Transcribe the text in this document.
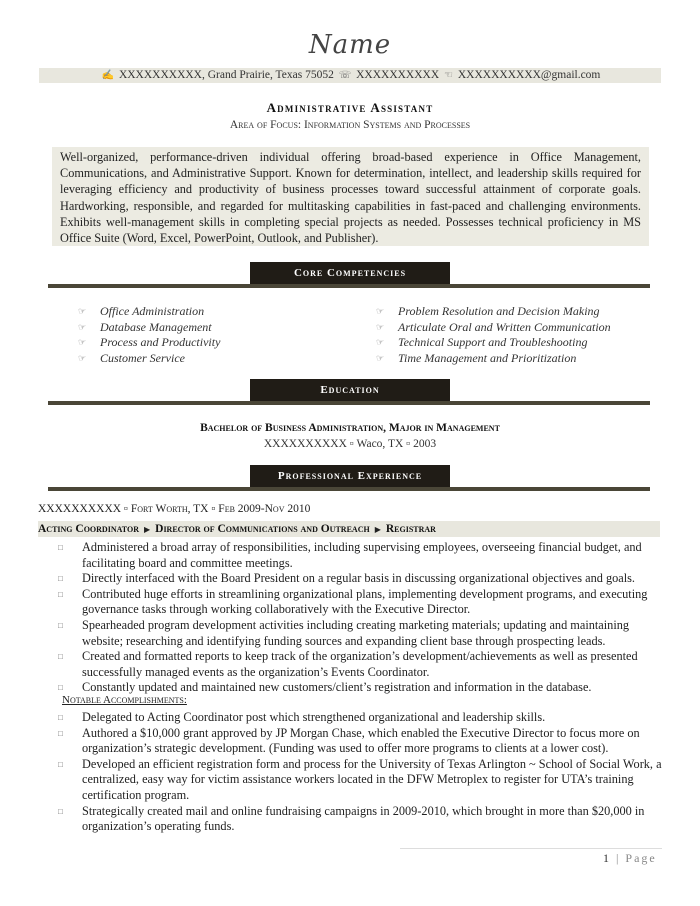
Name
✍ XXXXXXXXXX, Grand Prairie, Texas 75052 ☏ XXXXXXXXXX ☜ XXXXXXXXXX@gmail.com
Administrative Assistant
Area of Focus: Information Systems and Processes
Well-organized, performance-driven individual offering broad-based experience in Office Management, Communications, and Administrative Support. Known for determination, intellect, and leadership skills required for leveraging efficiency and productivity of business processes toward successful attainment of corporate goals. Hardworking, responsible, and regarded for multitasking capabilities in fast-paced and challenging environments. Exhibits well-management skills in completing special projects as needed. Possesses technical proficiency in MS Office Suite (Word, Excel, PowerPoint, Outlook, and Publisher).
Core Competencies
☞	Office Administration
☞	Database Management
☞	Process and Productivity
☞	Customer Service
☞	Problem Resolution and Decision Making
☞	Articulate Oral and Written Communication
☞	Technical Support and Troubleshooting
☞	Time Management and Prioritization
Education
Bachelor of Business Administration, Major in Management
XXXXXXXXXX ▫ Waco, TX ▫ 2003
Professional Experience
XXXXXXXXXX ▫ Fort Worth, TX ▫ Feb 2009-Nov 2010
Acting Coordinator ▶ Director of Communications and Outreach ▶ Registrar
□	Administered a broad array of responsibilities, including supervising employees, overseeing financial budget, and facilitating board and committee meetings.
□	Directly interfaced with the Board President on a regular basis in discussing organizational objectives and goals.
□	Contributed huge efforts in streamlining organizational plans, implementing development programs, and executing governance tasks through working collaboratively with the Executive Director.
□	Spearheaded program development activities including creating marketing materials; updating and maintaining website; researching and identifying funding sources and expanding client base through prospecting leads.
□	Created and formatted reports to keep track of the organization’s development/achievements as well as presented successfully managed events as the organization’s Events Coordinator.
□	Constantly updated and maintained new customers/client’s registration and information in the database.
Notable Accomplishments:
□	Delegated to Acting Coordinator post which strengthened organizational and leadership skills.
□	Authored a $10,000 grant approved by JP Morgan Chase, which enabled the Executive Director to focus more on organization’s strategic development. (Funding was used to offer more programs to clients at a lower cost).
□	Developed an efficient registration form and process for the University of Texas Arlington ~ School of Social Work, a centralized, easy way for victim assistance workers located in the DFW Metroplex to register for UTA’s training certification program.
□	Strategically created mail and online fundraising campaigns in 2009-2010, which brought in more than $20,000 in organization’s operating funds.
1 | Page
